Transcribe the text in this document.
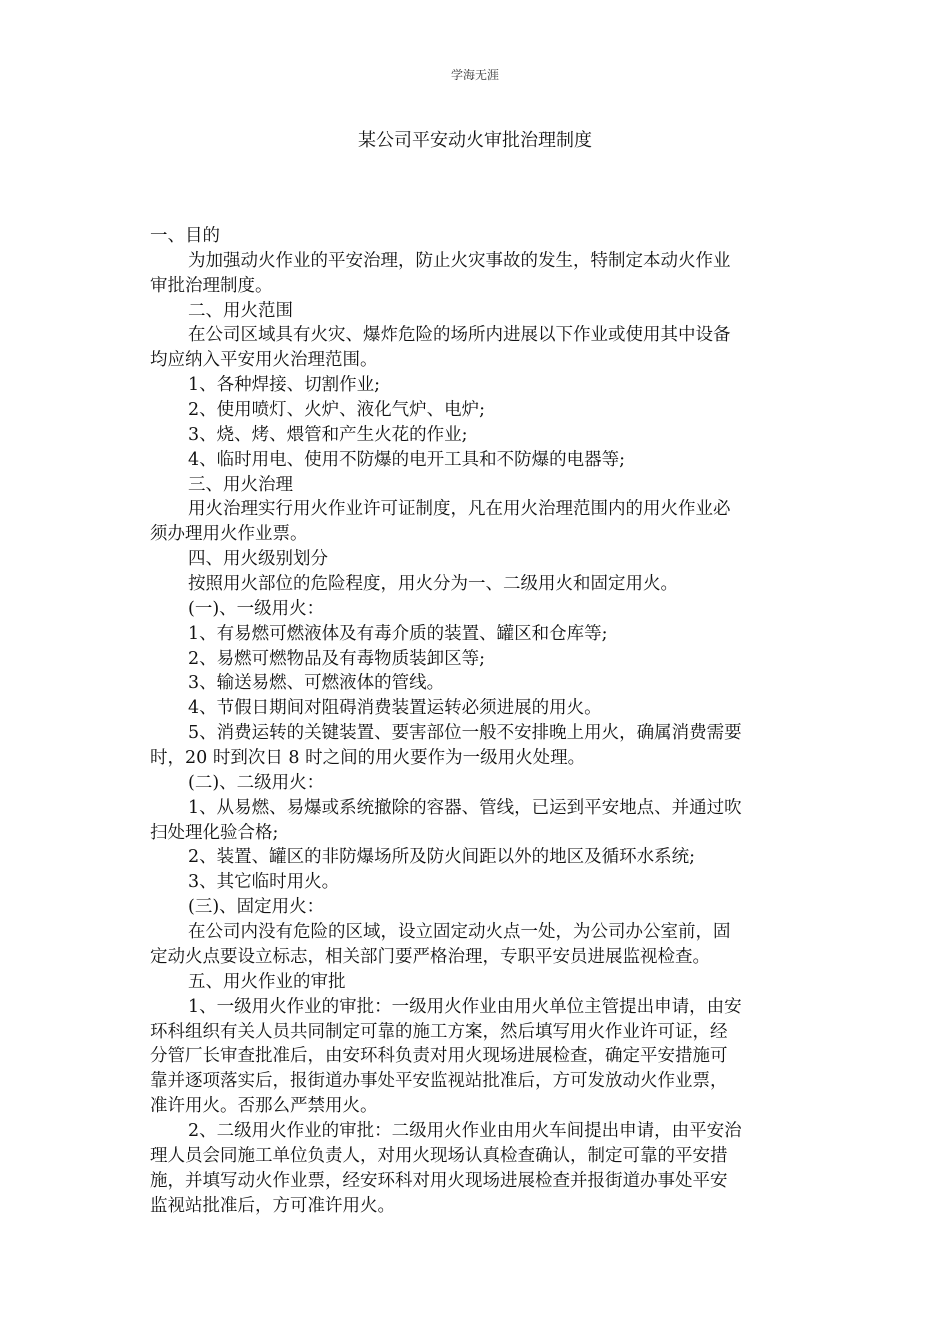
学海无涯
某公司平安动火审批治理制度
一、目的
为加强动火作业的平安治理，防止火灾事故的发生，特制定本动火作业
审批治理制度。
二、用火范围
在公司区域具有火灾、爆炸危险的场所内进展以下作业或使用其中设备
均应纳入平安用火治理范围。
1、各种焊接、切割作业;
2、使用喷灯、火炉、液化气炉、电炉;
3、烧、烤、煨管和产生火花的作业;
4、临时用电、使用不防爆的电开工具和不防爆的电器等;
三、用火治理
用火治理实行用火作业许可证制度，凡在用火治理范围内的用火作业必
须办理用火作业票。
四、用火级别划分
按照用火部位的危险程度，用火分为一、二级用火和固定用火。
(一)、一级用火：
1、有易燃可燃液体及有毒介质的装置、罐区和仓库等;
2、易燃可燃物品及有毒物质装卸区等;
3、输送易燃、可燃液体的管线。
4、节假日期间对阻碍消费装置运转必须进展的用火。
5、消费运转的关键装置、要害部位一般不安排晚上用火，确属消费需要
时，20 时到次日 8 时之间的用火要作为一级用火处理。
(二)、二级用火：
1、从易燃、易爆或系统撤除的容器、管线，已运到平安地点、并通过吹
扫处理化验合格;
2、装置、罐区的非防爆场所及防火间距以外的地区及循环水系统;
3、其它临时用火。
(三)、固定用火：
在公司内没有危险的区域，设立固定动火点一处，为公司办公室前，固
定动火点要设立标志，相关部门要严格治理，专职平安员进展监视检查。
五、用火作业的审批
1、一级用火作业的审批：一级用火作业由用火单位主管提出申请，由安
环科组织有关人员共同制定可靠的施工方案，然后填写用火作业许可证，经
分管厂长审查批准后，由安环科负责对用火现场进展检查，确定平安措施可
靠并逐项落实后，报街道办事处平安监视站批准后，方可发放动火作业票，
准许用火。否那么严禁用火。
2、二级用火作业的审批：二级用火作业由用火车间提出申请，由平安治
理人员会同施工单位负责人，对用火现场认真检查确认，制定可靠的平安措
施，并填写动火作业票，经安环科对用火现场进展检查并报街道办事处平安
监视站批准后，方可准许用火。
